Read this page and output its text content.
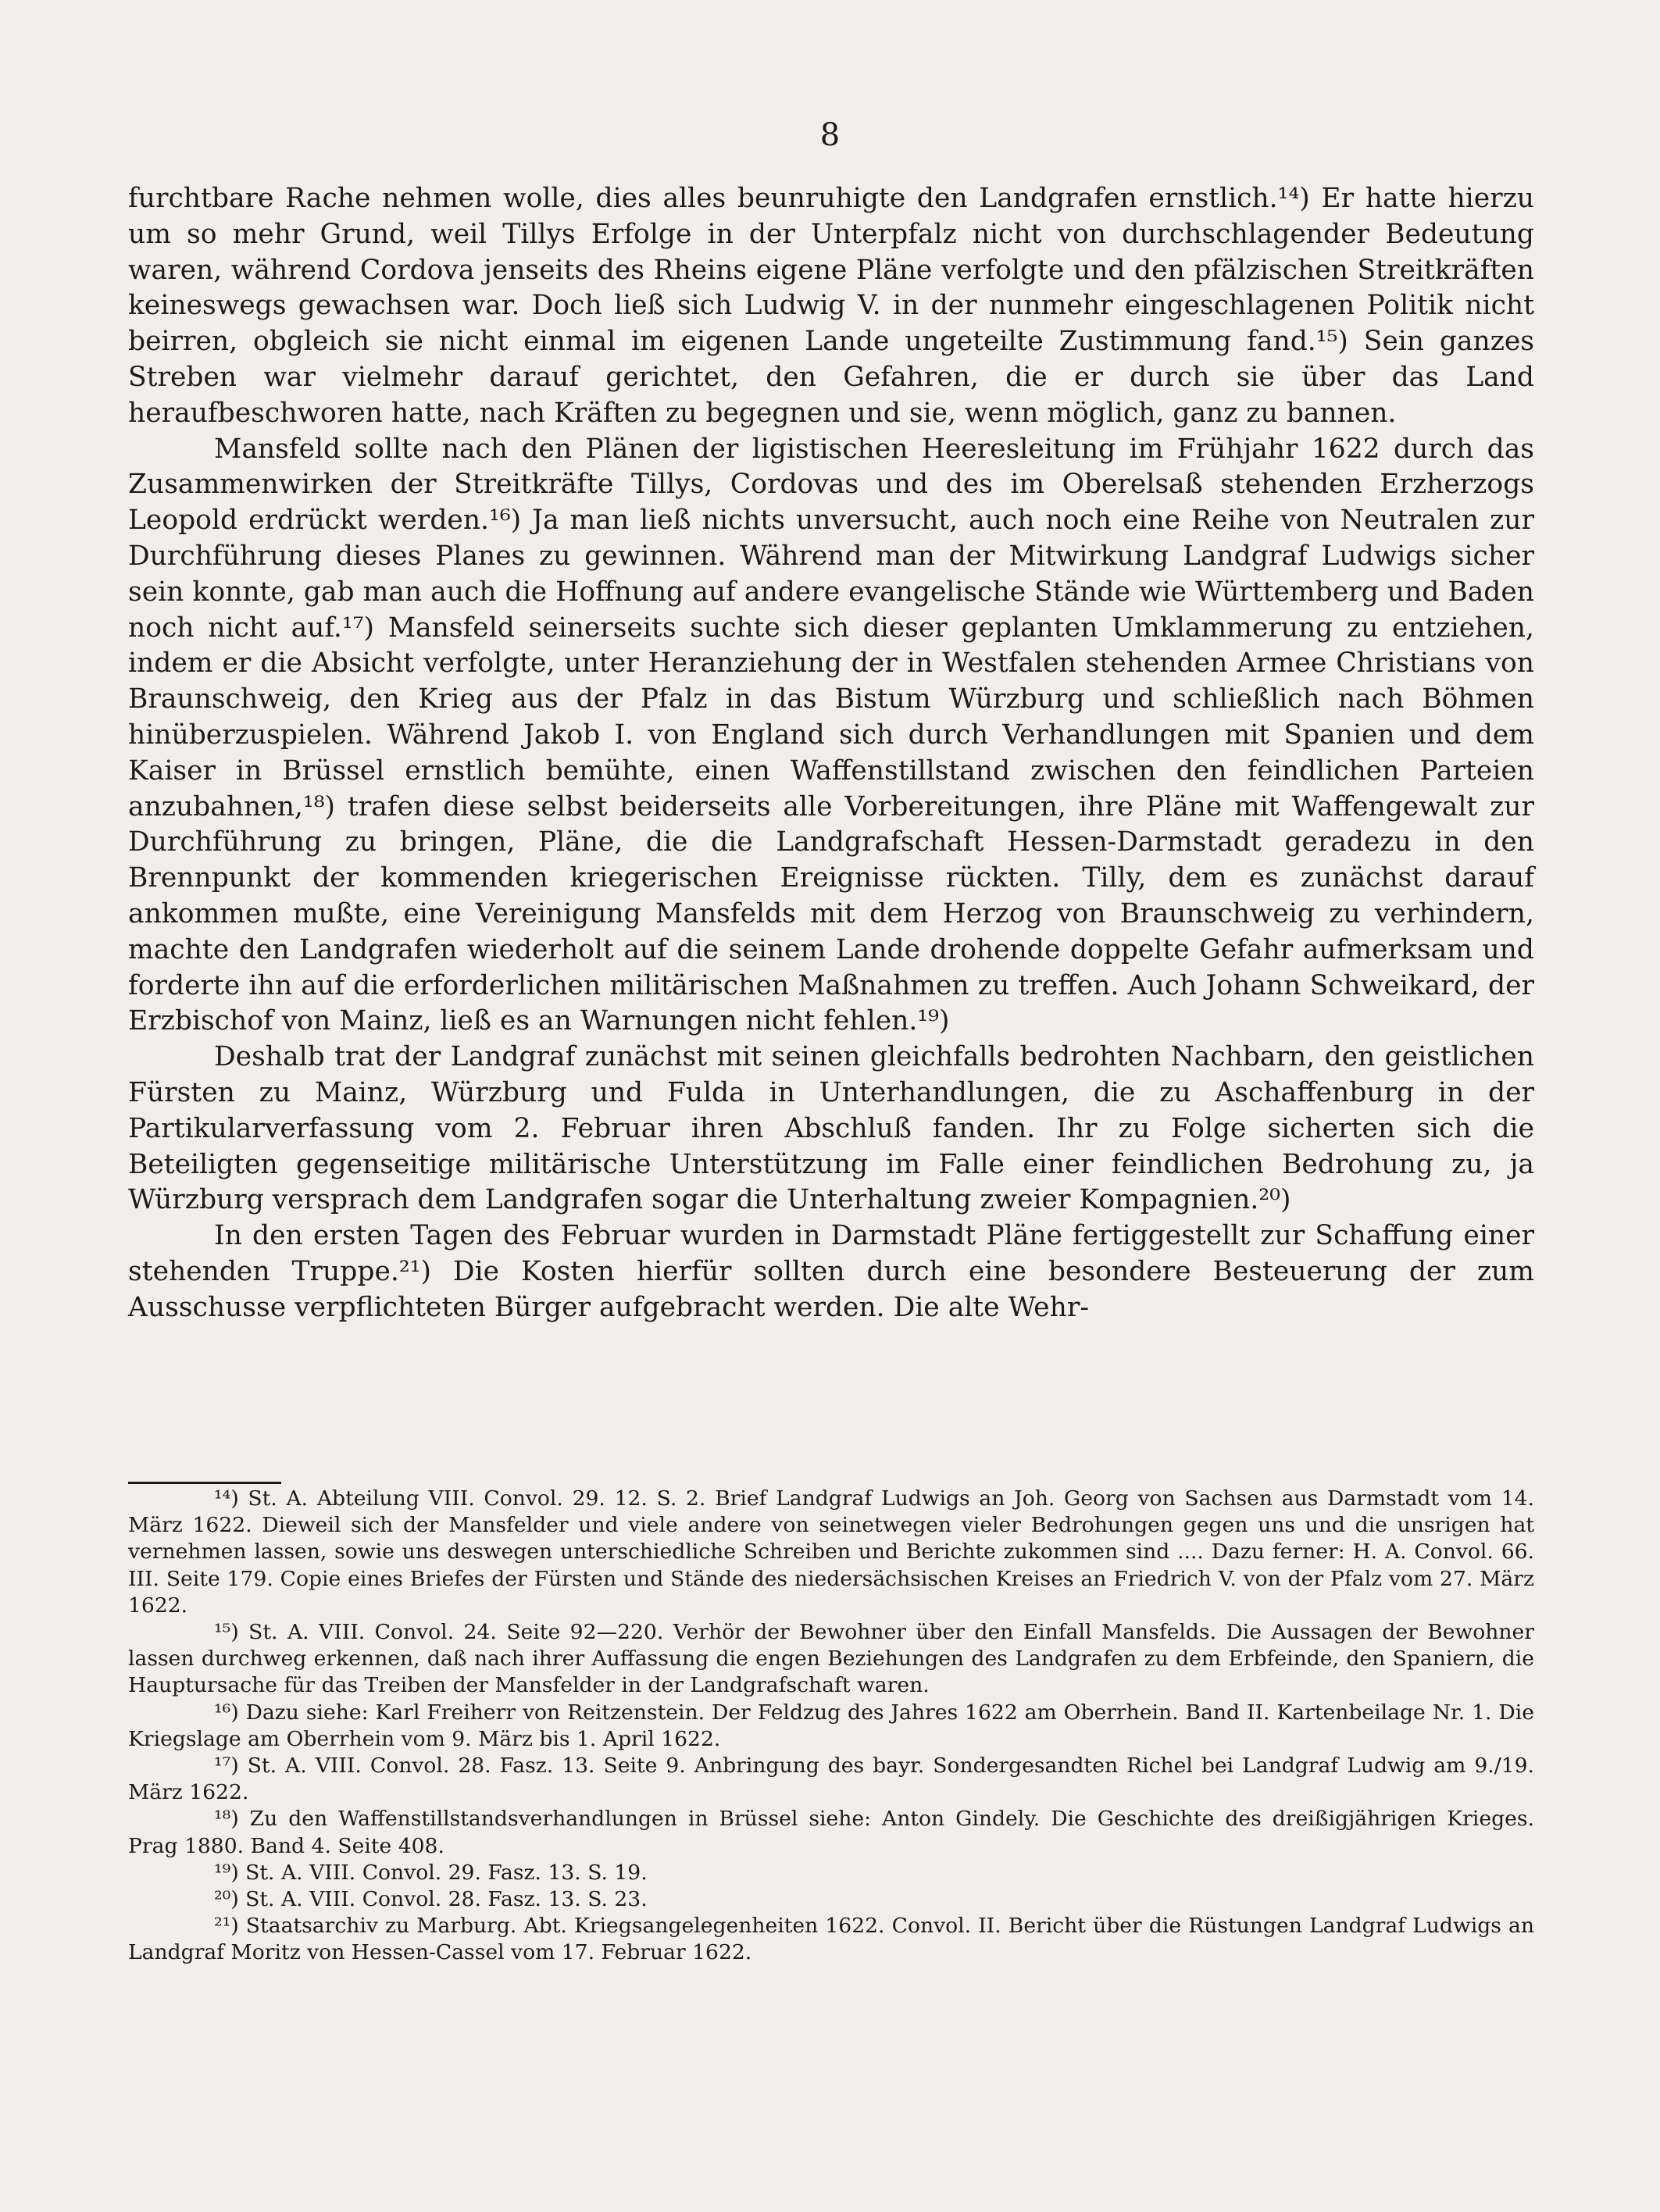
8

furchtbare Rache nehmen wolle, dies alles beunruhigte den Landgrafen ernstlich.¹⁴) Er hatte hierzu um so mehr Grund, weil Tillys Erfolge in der Unterpfalz nicht von durchschlagender Bedeutung waren, während Cordova jenseits des Rheins eigene Pläne verfolgte und den pfälzischen Streitkräften keineswegs gewachsen war. Doch ließ sich Ludwig V. in der nunmehr eingeschlagenen Politik nicht beirren, obgleich sie nicht einmal im eigenen Lande ungeteilte Zustimmung fand.¹⁵) Sein ganzes Streben war vielmehr darauf gerichtet, den Gefahren, die er durch sie über das Land heraufbeschworen hatte, nach Kräften zu begegnen und sie, wenn möglich, ganz zu bannen.

Mansfeld sollte nach den Plänen der ligistischen Heeresleitung im Frühjahr 1622 durch das Zusammenwirken der Streitkräfte Tillys, Cordovas und des im Oberelsaß stehenden Erzherzogs Leopold erdrückt werden.¹⁶) Ja man ließ nichts unversucht, auch noch eine Reihe von Neutralen zur Durchführung dieses Planes zu gewinnen. Während man der Mitwirkung Landgraf Ludwigs sicher sein konnte, gab man auch die Hoffnung auf andere evangelische Stände wie Württemberg und Baden noch nicht auf.¹⁷) Mansfeld seinerseits suchte sich dieser geplanten Umklammerung zu entziehen, indem er die Absicht verfolgte, unter Heranziehung der in Westfalen stehenden Armee Christians von Braunschweig, den Krieg aus der Pfalz in das Bistum Würzburg und schließlich nach Böhmen hinüberzuspielen. Während Jakob I. von England sich durch Verhandlungen mit Spanien und dem Kaiser in Brüssel ernstlich bemühte, einen Waffenstillstand zwischen den feindlichen Parteien anzubahnen,¹⁸) trafen diese selbst beiderseits alle Vorbereitungen, ihre Pläne mit Waffengewalt zur Durchführung zu bringen, Pläne, die die Landgrafschaft Hessen-Darmstadt geradezu in den Brennpunkt der kommenden kriegerischen Ereignisse rückten. Tilly, dem es zunächst darauf ankommen mußte, eine Vereinigung Mansfelds mit dem Herzog von Braunschweig zu verhindern, machte den Landgrafen wiederholt auf die seinem Lande drohende doppelte Gefahr aufmerksam und forderte ihn auf die erforderlichen militärischen Maßnahmen zu treffen. Auch Johann Schweikard, der Erzbischof von Mainz, ließ es an Warnungen nicht fehlen.¹⁹)

Deshalb trat der Landgraf zunächst mit seinen gleichfalls bedrohten Nachbarn, den geistlichen Fürsten zu Mainz, Würzburg und Fulda in Unterhandlungen, die zu Aschaffenburg in der Partikularverfassung vom 2. Februar ihren Abschluß fanden. Ihr zu Folge sicherten sich die Beteiligten gegenseitige militärische Unterstützung im Falle einer feindlichen Bedrohung zu, ja Würzburg versprach dem Landgrafen sogar die Unterhaltung zweier Kompagnien.²⁰)

In den ersten Tagen des Februar wurden in Darmstadt Pläne fertiggestellt zur Schaffung einer stehenden Truppe.²¹) Die Kosten hierfür sollten durch eine besondere Besteuerung der zum Ausschusse verpflichteten Bürger aufgebracht werden. Die alte Wehr-

¹⁴) St. A. Abteilung VIII. Convol. 29. 12. S. 2. Brief Landgraf Ludwigs an Joh. Georg von Sachsen aus Darmstadt vom 14. März 1622. Dieweil sich der Mansfelder und viele andere von seinetwegen vieler Bedrohungen gegen uns und die unsrigen hat vernehmen lassen, sowie uns deswegen unterschiedliche Schreiben und Berichte zukommen sind .... Dazu ferner: H. A. Convol. 66. III. Seite 179. Copie eines Briefes der Fürsten und Stände des niedersächsischen Kreises an Friedrich V. von der Pfalz vom 27. März 1622.

¹⁵) St. A. VIII. Convol. 24. Seite 92—220. Verhör der Bewohner über den Einfall Mansfelds. Die Aussagen der Bewohner lassen durchweg erkennen, daß nach ihrer Auffassung die engen Beziehungen des Landgrafen zu dem Erbfeinde, den Spaniern, die Hauptursache für das Treiben der Mansfelder in der Landgrafschaft waren.

¹⁶) Dazu siehe: Karl Freiherr von Reitzenstein. Der Feldzug des Jahres 1622 am Oberrhein. Band II. Kartenbeilage Nr. 1. Die Kriegslage am Oberrhein vom 9. März bis 1. April 1622.

¹⁷) St. A. VIII. Convol. 28. Fasz. 13. Seite 9. Anbringung des bayr. Sondergesandten Richel bei Landgraf Ludwig am 9./19. März 1622.

¹⁸) Zu den Waffenstillstandsverhandlungen in Brüssel siehe: Anton Gindely. Die Geschichte des dreißigjährigen Krieges. Prag 1880. Band 4. Seite 408.

¹⁹) St. A. VIII. Convol. 29. Fasz. 13. S. 19.

²⁰) St. A. VIII. Convol. 28. Fasz. 13. S. 23.

²¹) Staatsarchiv zu Marburg. Abt. Kriegsangelegenheiten 1622. Convol. II. Bericht über die Rüstungen Landgraf Ludwigs an Landgraf Moritz von Hessen-Cassel vom 17. Februar 1622.
